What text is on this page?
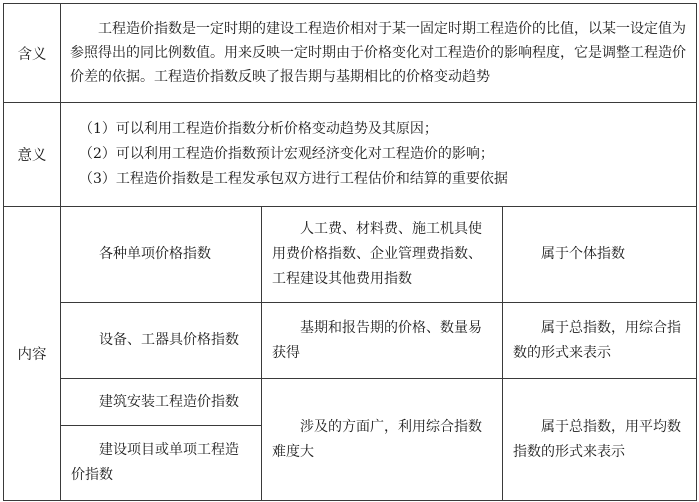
含义	工程造价指数是一定时期的建设工程造价相对于某一固定时期工程造价的比值，以某一设定值为参照得出的同比例数值。用来反映一定时期由于价格变化对工程造价的影响程度，它是调整工程造价价差的依据。工程造价指数反映了报告期与基期相比的价格变动趋势		

意义	（1）可以利用工程造价指数分析价格变动趋势及其原因；
（2）可以利用工程造价指数预计宏观经济变化对工程造价的影响；
（3）工程造价指数是工程发承包双方进行工程估价和结算的重要依据		

内容	各种单项价格指数	人工费、材料费、施工机具使用费价格指数、企业管理费指数、工程建设其他费用指数	属于个体指数

	设备、工器具价格指数	基期和报告期的价格、数量易获得	属于总指数，用综合指数的形式来表示

	建筑安装工程造价指数	涉及的方面广，利用综合指数难度大	属于总指数，用平均数指数的形式来表示

	建设项目或单项工程造价指数		
